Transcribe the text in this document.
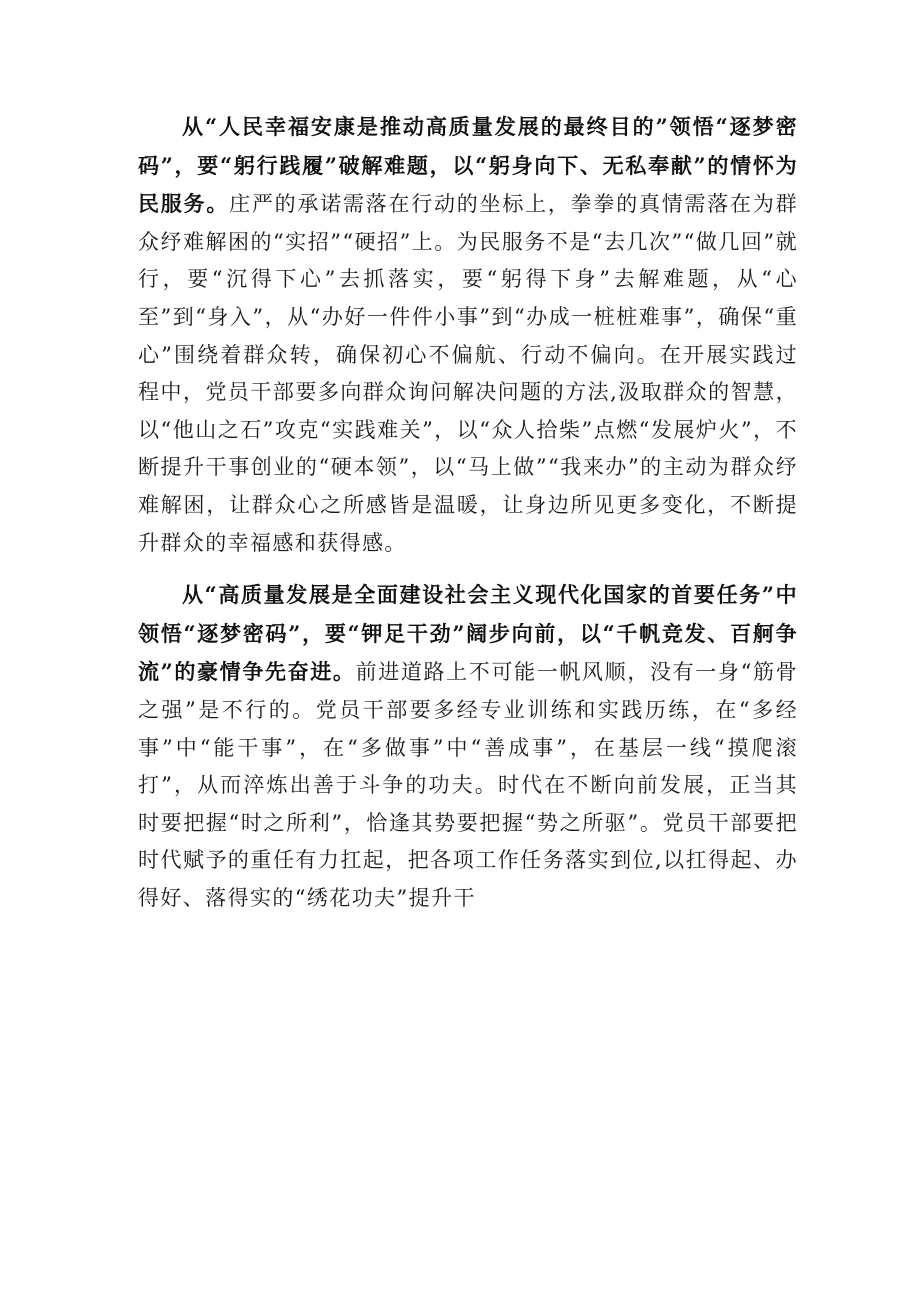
从“人民幸福安康是推动高质量发展的最终目的”领悟“逐梦密码”，要“躬行践履”破解难题，以“躬身向下、无私奉献”的情怀为民服务。庄严的承诺需落在行动的坐标上，拳拳的真情需落在为群众纾难解困的“实招”“硬招”上。为民服务不是“去几次”“做几回”就行，要“沉得下心”去抓落实，要“躬得下身”去解难题，从“心至”到“身入”，从“办好一件件小事”到“办成一桩桩难事”，确保“重心”围绕着群众转，确保初心不偏航、行动不偏向。在开展实践过程中，党员干部要多向群众询问解决问题的方法,汲取群众的智慧，以“他山之石”攻克“实践难关”，以“众人拾柴”点燃“发展炉火”，不断提升干事创业的“硬本领”，以“马上做”“我来办”的主动为群众纾难解困，让群众心之所感皆是温暖，让身边所见更多变化，不断提升群众的幸福感和获得感。

从“高质量发展是全面建设社会主义现代化国家的首要任务”中领悟“逐梦密码”，要“钾足干劲”阔步向前，以“千帆竞发、百舸争流”的豪情争先奋进。前进道路上不可能一帆风顺，没有一身“筋骨之强”是不行的。党员干部要多经专业训练和实践历练，在“多经事”中“能干事”，在“多做事”中“善成事”，在基层一线“摸爬滚打”，从而淬炼出善于斗争的功夫。时代在不断向前发展，正当其时要把握“时之所利”，恰逢其势要把握“势之所驱”。党员干部要把时代赋予的重任有力扛起，把各项工作任务落实到位,以扛得起、办得好、落得实的“绣花功夫”提升干
